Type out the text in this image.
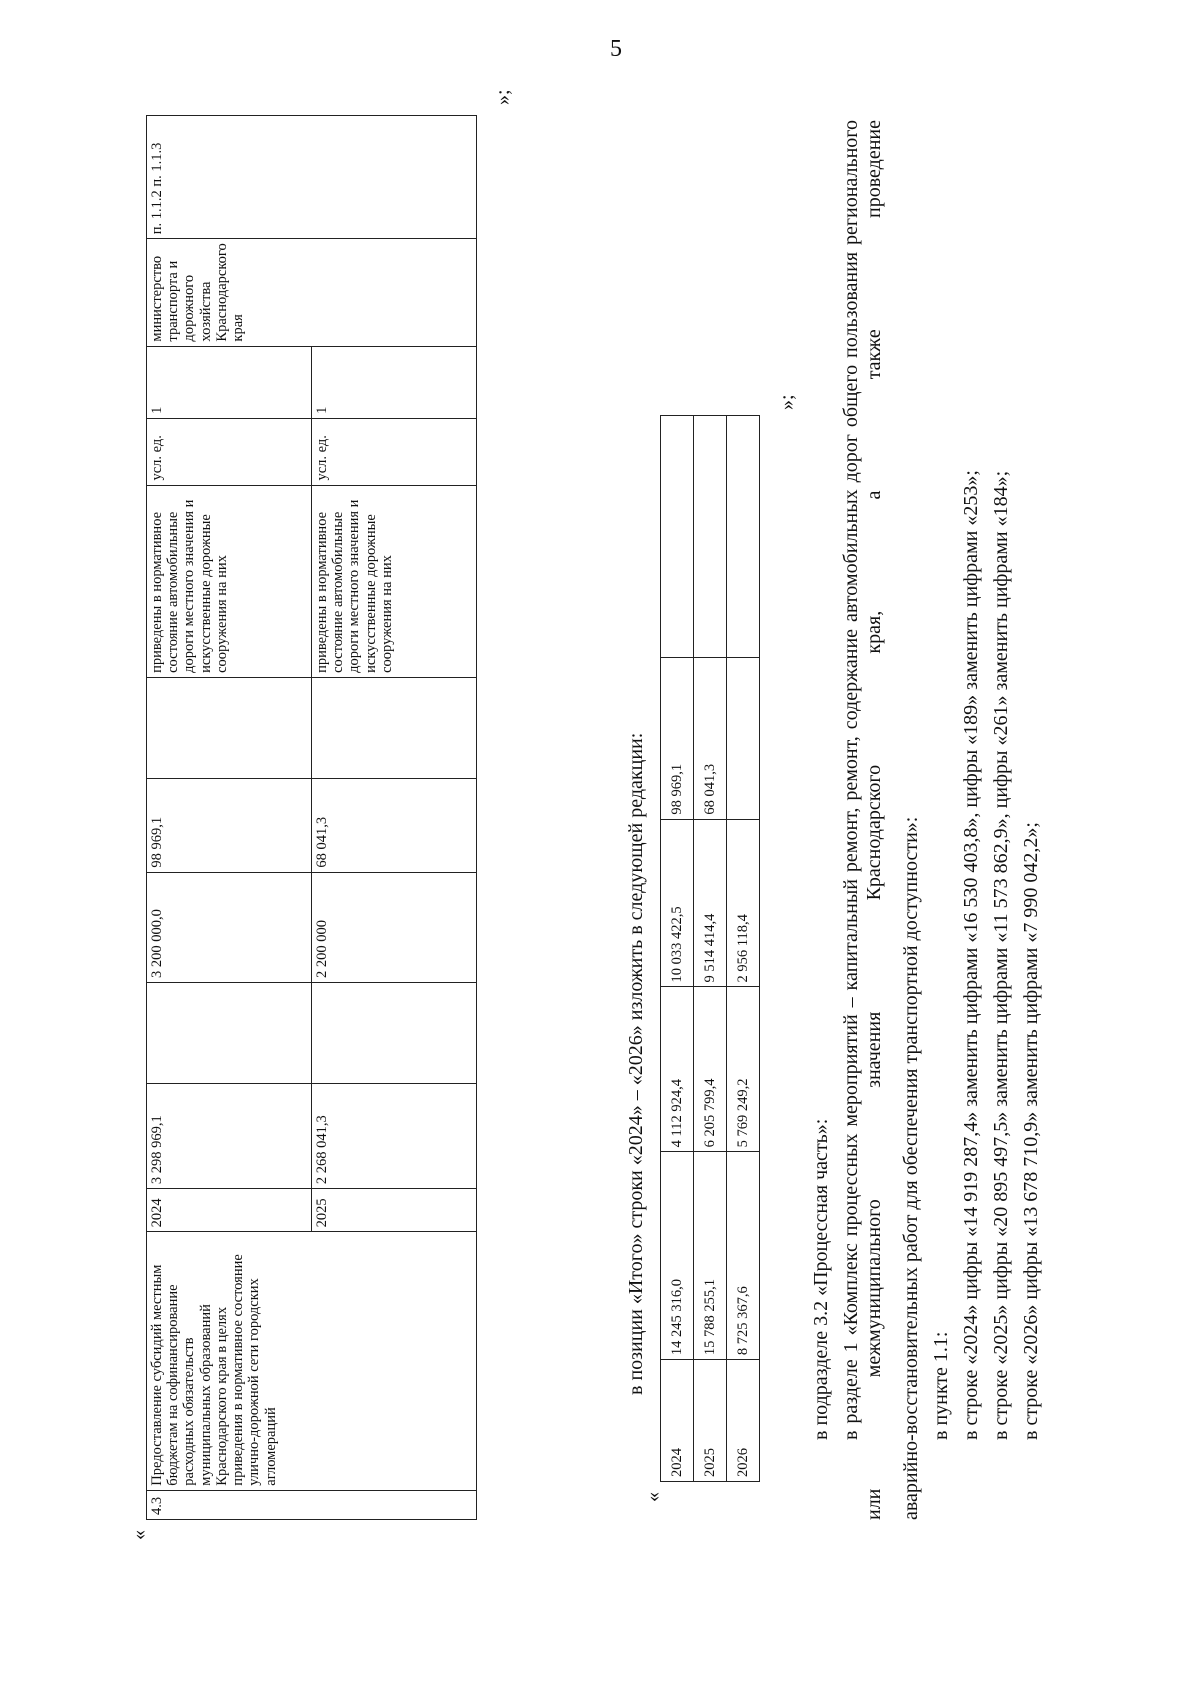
5
«
4.3	Предоставление субсидий местным бюджетам на софинансирование расходных обязательств муниципальных образований Краснодарского края в целях приведения в нормативное состояние улично-дорожной сети городских агломераций	2024	3 298 969,1		3 200 000,0	98 969,1		приведены в нормативное состояние автомобильные дороги местного значения и искусственные дорожные сооружения на них	усл. ед.	1	министерство транспорта и дорожного хозяйства Краснодарского края	п. 1.1.2 п. 1.1.3
		2025	2 268 041,3		2 200 000	68 041,3		приведены в нормативное состояние автомобильные дороги местного значения и искусственные дорожные сооружения на них	усл. ед.	1		
»;
в позиции «Итого» строки «2024» – «2026» изложить в следующей редакции:
«
2024	14 245 316,0	4 112 924,4	10 033 422,5	98 969,1	
2025	15 788 255,1	6 205 799,4	9 514 414,4	68 041,3	
2026	8 725 367,6	5 769 249,2	2 956 118,4		
»;
в подразделе 3.2 «Процессная часть»: в разделе 1 «Комплекс процессных мероприятий – капитальный ремонт, ремонт, содержание автомобильных дорог общего пользования регионального или межмуниципального значения Краснодарского края, а также проведение аварийно-восстановительных работ для обеспечения транспортной доступности»: в пункте 1.1: в строке «2024» цифры «14 919 287,4» заменить цифрами «16 530 403,8», цифры «189» заменить цифрами «253»; в строке «2025» цифры «20 895 497,5» заменить цифрами «11 573 862,9», цифры «261» заменить цифрами «184»; в строке «2026» цифры «13 678 710,9» заменить цифрами «7 990 042,2»;
